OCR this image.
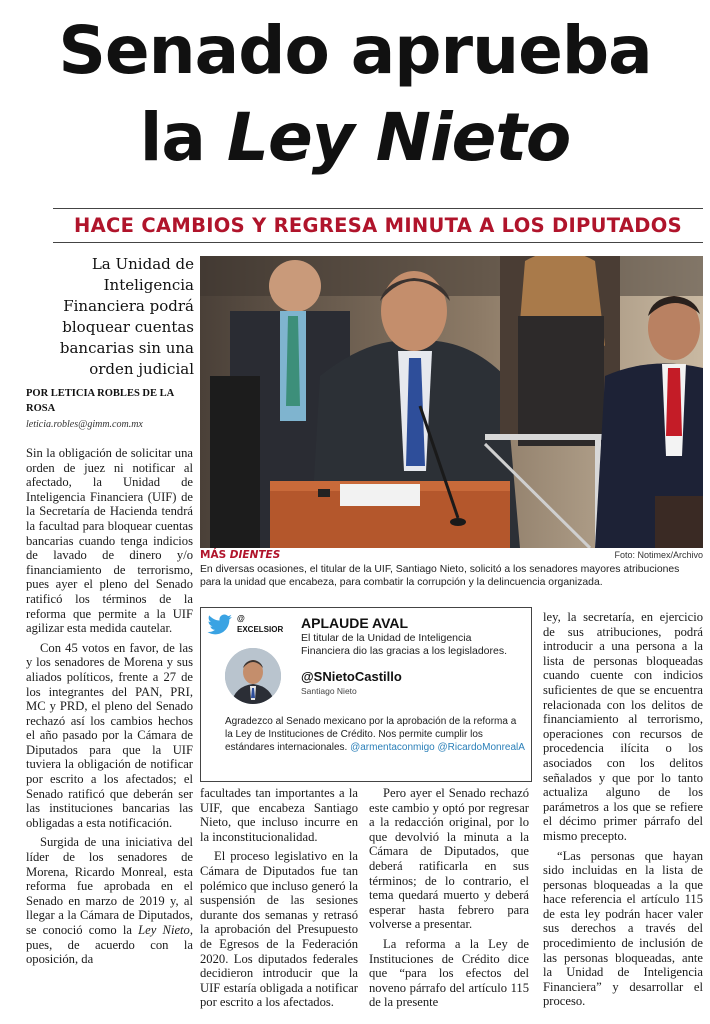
Senado aprueba
la Ley Nieto
HACE CAMBIOS Y REGRESA MINUTA A LOS DIPUTADOS
La Unidad de Inteligencia Financiera podrá bloquear cuentas bancarias sin una orden judicial
POR LETICIA ROBLES DE LA ROSA
leticia.robles@gimm.com.mx
MÁS DIENTES	Foto: Notimex/Archivo
En diversas ocasiones, el titular de la UIF, Santiago Nieto, solicitó a los senadores mayores atribuciones para la unidad que encabeza, para combatir la corrupción y la delincuencia organizada.
@
EXCELSIOR APLAUDE AVAL
El titular de la Unidad de Inteligencia Financiera dio las gracias a los legisladores.
@SNietoCastillo
Santiago Nieto
Agradezco al Senado mexicano por la aprobación de la reforma a la Ley de Instituciones de Crédito. Nos permite cumplir los estándares internacionales. @armentaconmigo @RicardoMonrealA

Sin la obligación de solicitar una orden de juez ni notificar al afectado, la Unidad de Inteligencia Financiera (UIF) de la Secretaría de Hacienda tendrá la facultad para bloquear cuentas bancarias cuando tenga indicios de lavado de dinero y/o financiamiento de terrorismo, pues ayer el pleno del Senado ratificó los términos de la reforma que permite a la UIF agilizar esta medida cautelar.

Con 45 votos en favor, de las y los senadores de Morena y sus aliados políticos, frente a 27 de los integrantes del PAN, PRI, MC y PRD, el pleno del Senado rechazó así los cambios hechos el año pasado por la Cámara de Diputados para que la UIF tuviera la obligación de notificar por escrito a los afectados; el Senado ratificó que deberán ser las instituciones bancarias las obligadas a esta notificación.

Surgida de una iniciativa del líder de los senadores de Morena, Ricardo Monreal, esta reforma fue aprobada en el Senado en marzo de 2019 y, al llegar a la Cámara de Diputados, se conoció como la Ley Nieto, pues, de acuerdo con la oposición, da

facultades tan importantes a la UIF, que encabeza Santiago Nieto, que incluso incurre en la inconstitucionalidad.

El proceso legislativo en la Cámara de Diputados fue tan polémico que incluso generó la suspensión de las sesiones durante dos semanas y retrasó la aprobación del Presupuesto de Egresos de la Federación 2020. Los diputados federales decidieron introducir que la UIF estaría obligada a notificar por escrito a los afectados.

Pero ayer el Senado rechazó este cambio y optó por regresar a la redacción original, por lo que devolvió la minuta a la Cámara de Diputados, que deberá ratificarla en sus términos; de lo contrario, el tema quedará muerto y deberá esperar hasta febrero para volverse a presentar.

La reforma a la Ley de Instituciones de Crédito dice que “para los efectos del noveno párrafo del artículo 115 de la presente

ley, la secretaría, en ejercicio de sus atribuciones, podrá introducir a una persona a la lista de personas bloqueadas cuando cuente con indicios suficientes de que se encuentra relacionada con los delitos de financiamiento al terrorismo, operaciones con recursos de procedencia ilícita o los asociados con los delitos señalados y que por lo tanto actualiza alguno de los parámetros a los que se refiere el décimo primer párrafo del mismo precepto.

“Las personas que hayan sido incluidas en la lista de personas bloqueadas a la que hace referencia el artículo 115 de esta ley podrán hacer valer sus derechos a través del procedimiento de inclusión de las personas bloqueadas, ante la Unidad de Inteligencia Financiera” y desarrollar el proceso.
